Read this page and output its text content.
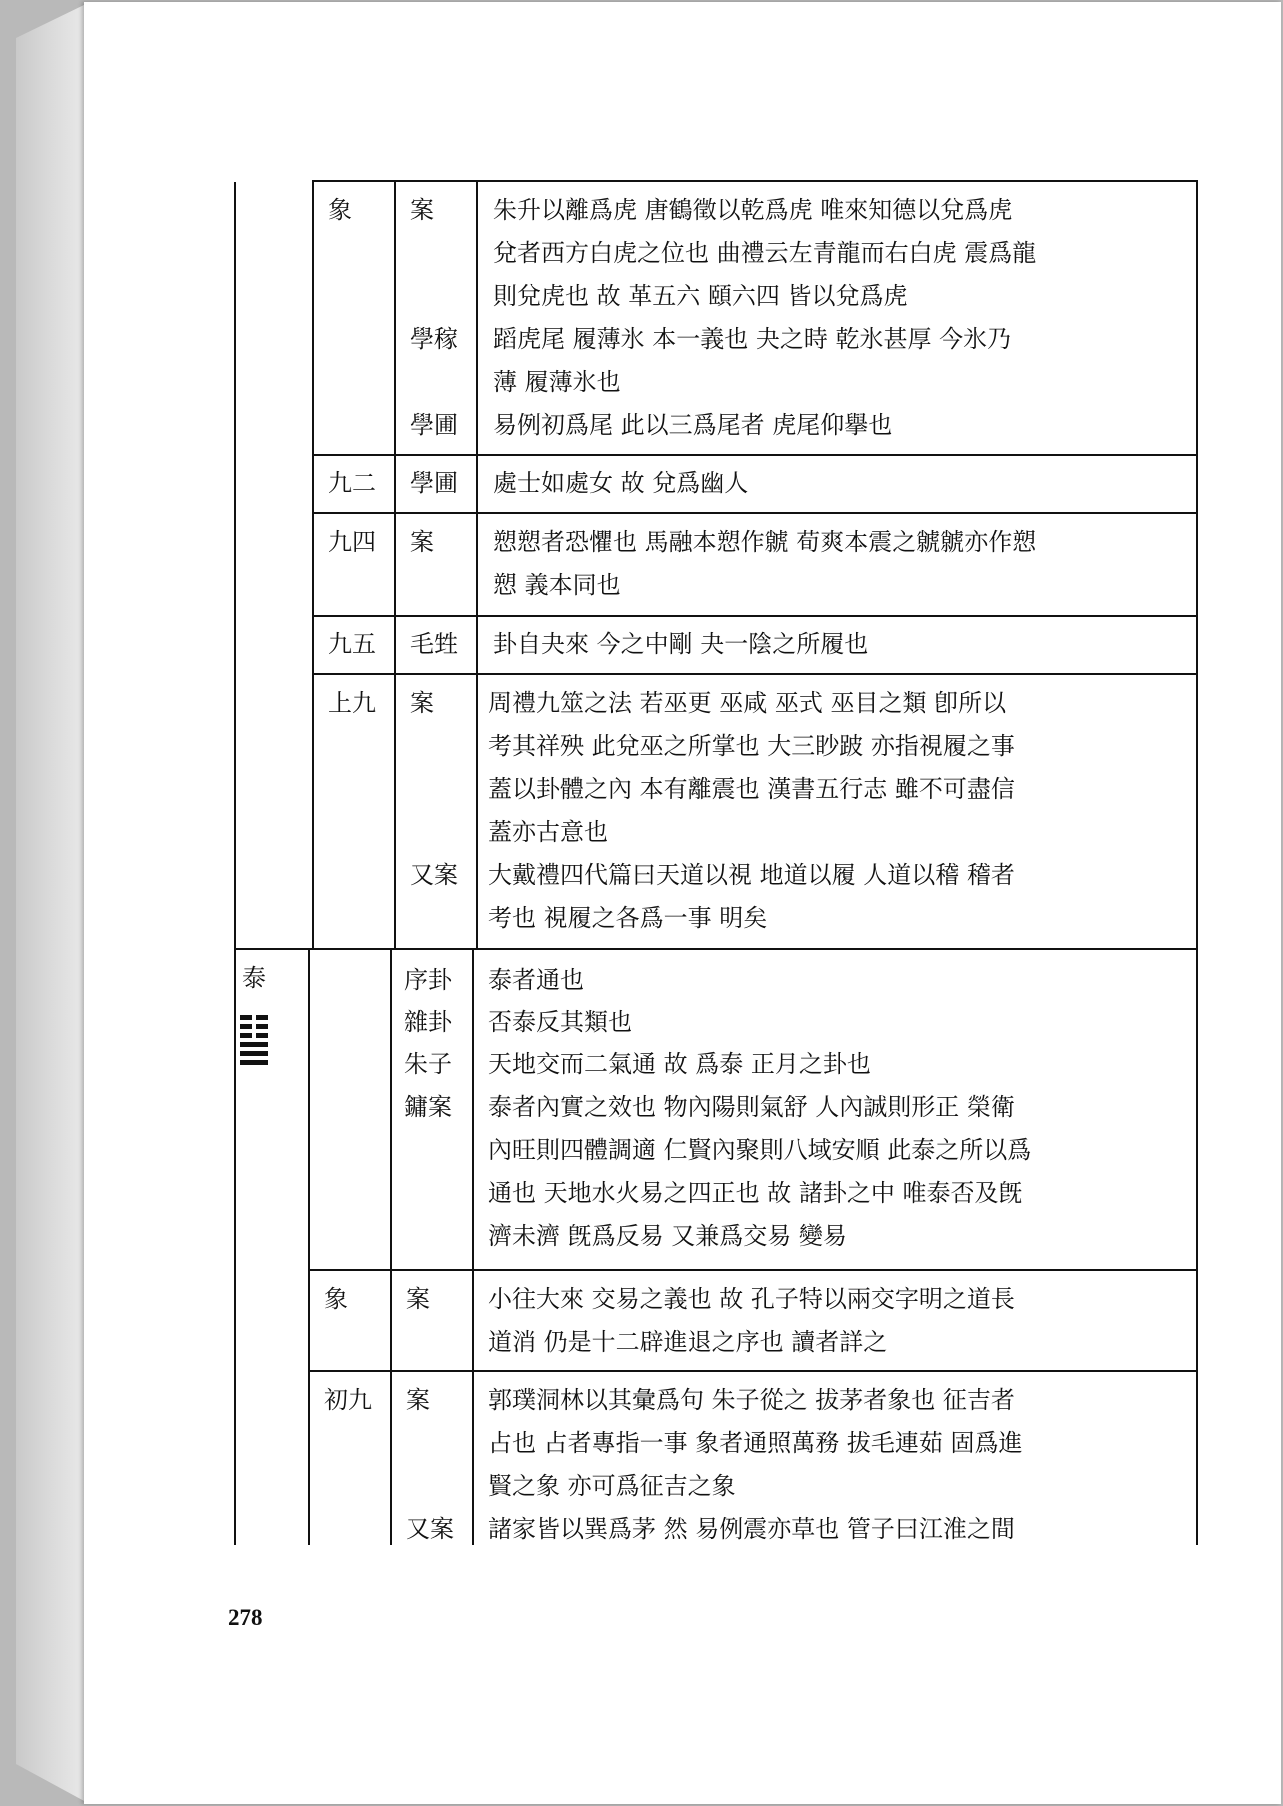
象 案 朱升以離爲虎 唐鶴徵以乾爲虎 唯來知德以兌爲虎
兌者西方白虎之位也 曲禮云左青龍而右白虎 震爲龍
則兌虎也 故 革五六 頤六四 皆以兌爲虎
學稼 蹈虎尾 履薄氷 本一義也 夬之時 乾氷甚厚 今氷乃
薄 履薄氷也
學圃 易例初爲尾 此以三爲尾者 虎尾仰擧也
九二 學圃 處士如處女 故 兌爲幽人
九四 案 愬愬者恐懼也 馬融本愬作虩 荀爽本震之虩虩亦作愬
愬 義本同也
九五 毛甡 卦自夬來 今之中剛 夬一陰之所履也
上九 案 周禮九筮之法 若巫更 巫咸 巫式 巫目之類 卽所以
考其祥殃 此兌巫之所掌也 大三眇跛 亦指視履之事
蓋以卦體之內 本有離震也 漢書五行志 雖不可盡信
蓋亦古意也
又案 大戴禮四代篇曰天道以視 地道以履 人道以稽 稽者
考也 視履之各爲一事 明矣
泰	序卦 泰者通也
雜卦 否泰反其類也
朱子 天地交而二氣通 故 爲泰 正月之卦也
鏞案 泰者內實之效也 物內陽則氣舒 人內誠則形正 榮衛
內旺則四體調適 仁賢內聚則八域安順 此泰之所以爲
通也 天地水火易之四正也 故 諸卦之中 唯泰否及旣
濟未濟 旣爲反易 又兼爲交易 變易
象 案 小往大來 交易之義也 故 孔子特以兩交字明之道長
道消 仍是十二辟進退之序也 讀者詳之
初九 案 郭璞洞林以其彙爲句 朱子從之 拔茅者象也 征吉者
占也 占者專指一事 象者通照萬務 拔毛連茹 固爲進
賢之象 亦可爲征吉之象
又案 諸家皆以巽爲茅 然 易例震亦草也 管子曰江淮之間
278
